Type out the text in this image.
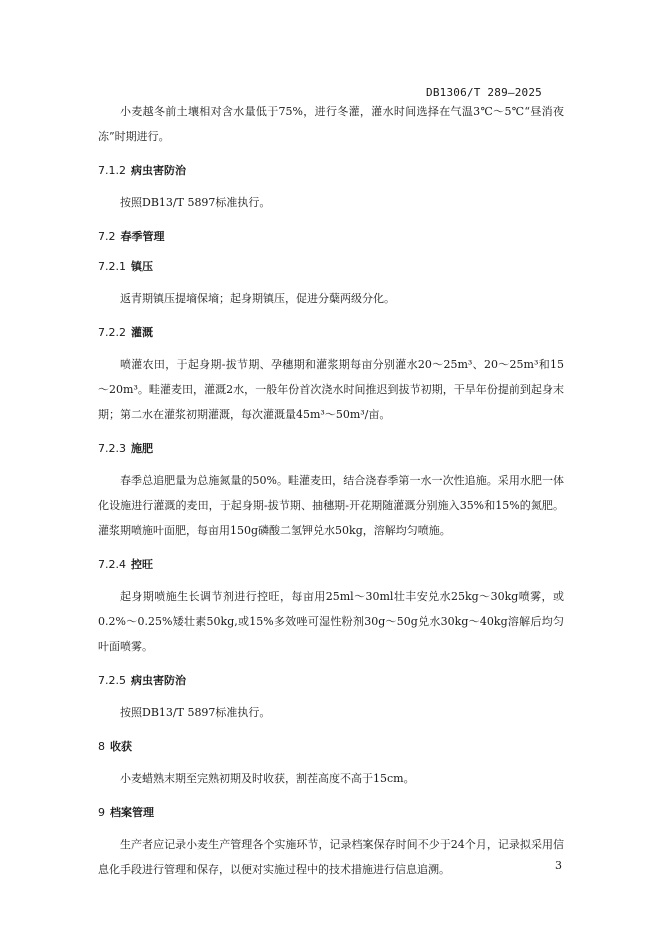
DB1306/T 289—2025

小麦越冬前土壤相对含水量低于75%，进行冬灌，灌水时间选择在气温3℃～5℃“昼消夜冻”时期进行。

7.1.2 病虫害防治

按照DB13/T 5897标准执行。

7.2 春季管理

7.2.1 镇压

返青期镇压提墒保墒；起身期镇压，促进分蘖两级分化。

7.2.2 灌溉

喷灌农田，于起身期-拔节期、孕穗期和灌浆期每亩分别灌水20～25m³、20～25m³和15～20m³。畦灌麦田，灌溉2水，一般年份首次浇水时间推迟到拔节初期，干旱年份提前到起身末期；第二水在灌浆初期灌溉，每次灌溉量45m³～50m³/亩。

7.2.3 施肥

春季总追肥量为总施氮量的50%。畦灌麦田，结合浇春季第一水一次性追施。采用水肥一体化设施进行灌溉的麦田，于起身期-拔节期、抽穗期-开花期随灌溉分别施入35%和15%的氮肥。灌浆期喷施叶面肥，每亩用150g磷酸二氢钾兑水50kg，溶解均匀喷施。

7.2.4 控旺

起身期喷施生长调节剂进行控旺，每亩用25ml～30ml壮丰安兑水25kg～30kg喷雾，或0.2%～0.25%矮壮素50kg,或15%多效唑可湿性粉剂30g～50g兑水30kg～40kg溶解后均匀叶面喷雾。

7.2.5 病虫害防治

按照DB13/T 5897标准执行。

8 收获

小麦蜡熟末期至完熟初期及时收获，割茬高度不高于15cm。

9 档案管理

生产者应记录小麦生产管理各个实施环节，记录档案保存时间不少于24个月，记录拟采用信息化手段进行管理和保存，以便对实施过程中的技术措施进行信息追溯。	3
